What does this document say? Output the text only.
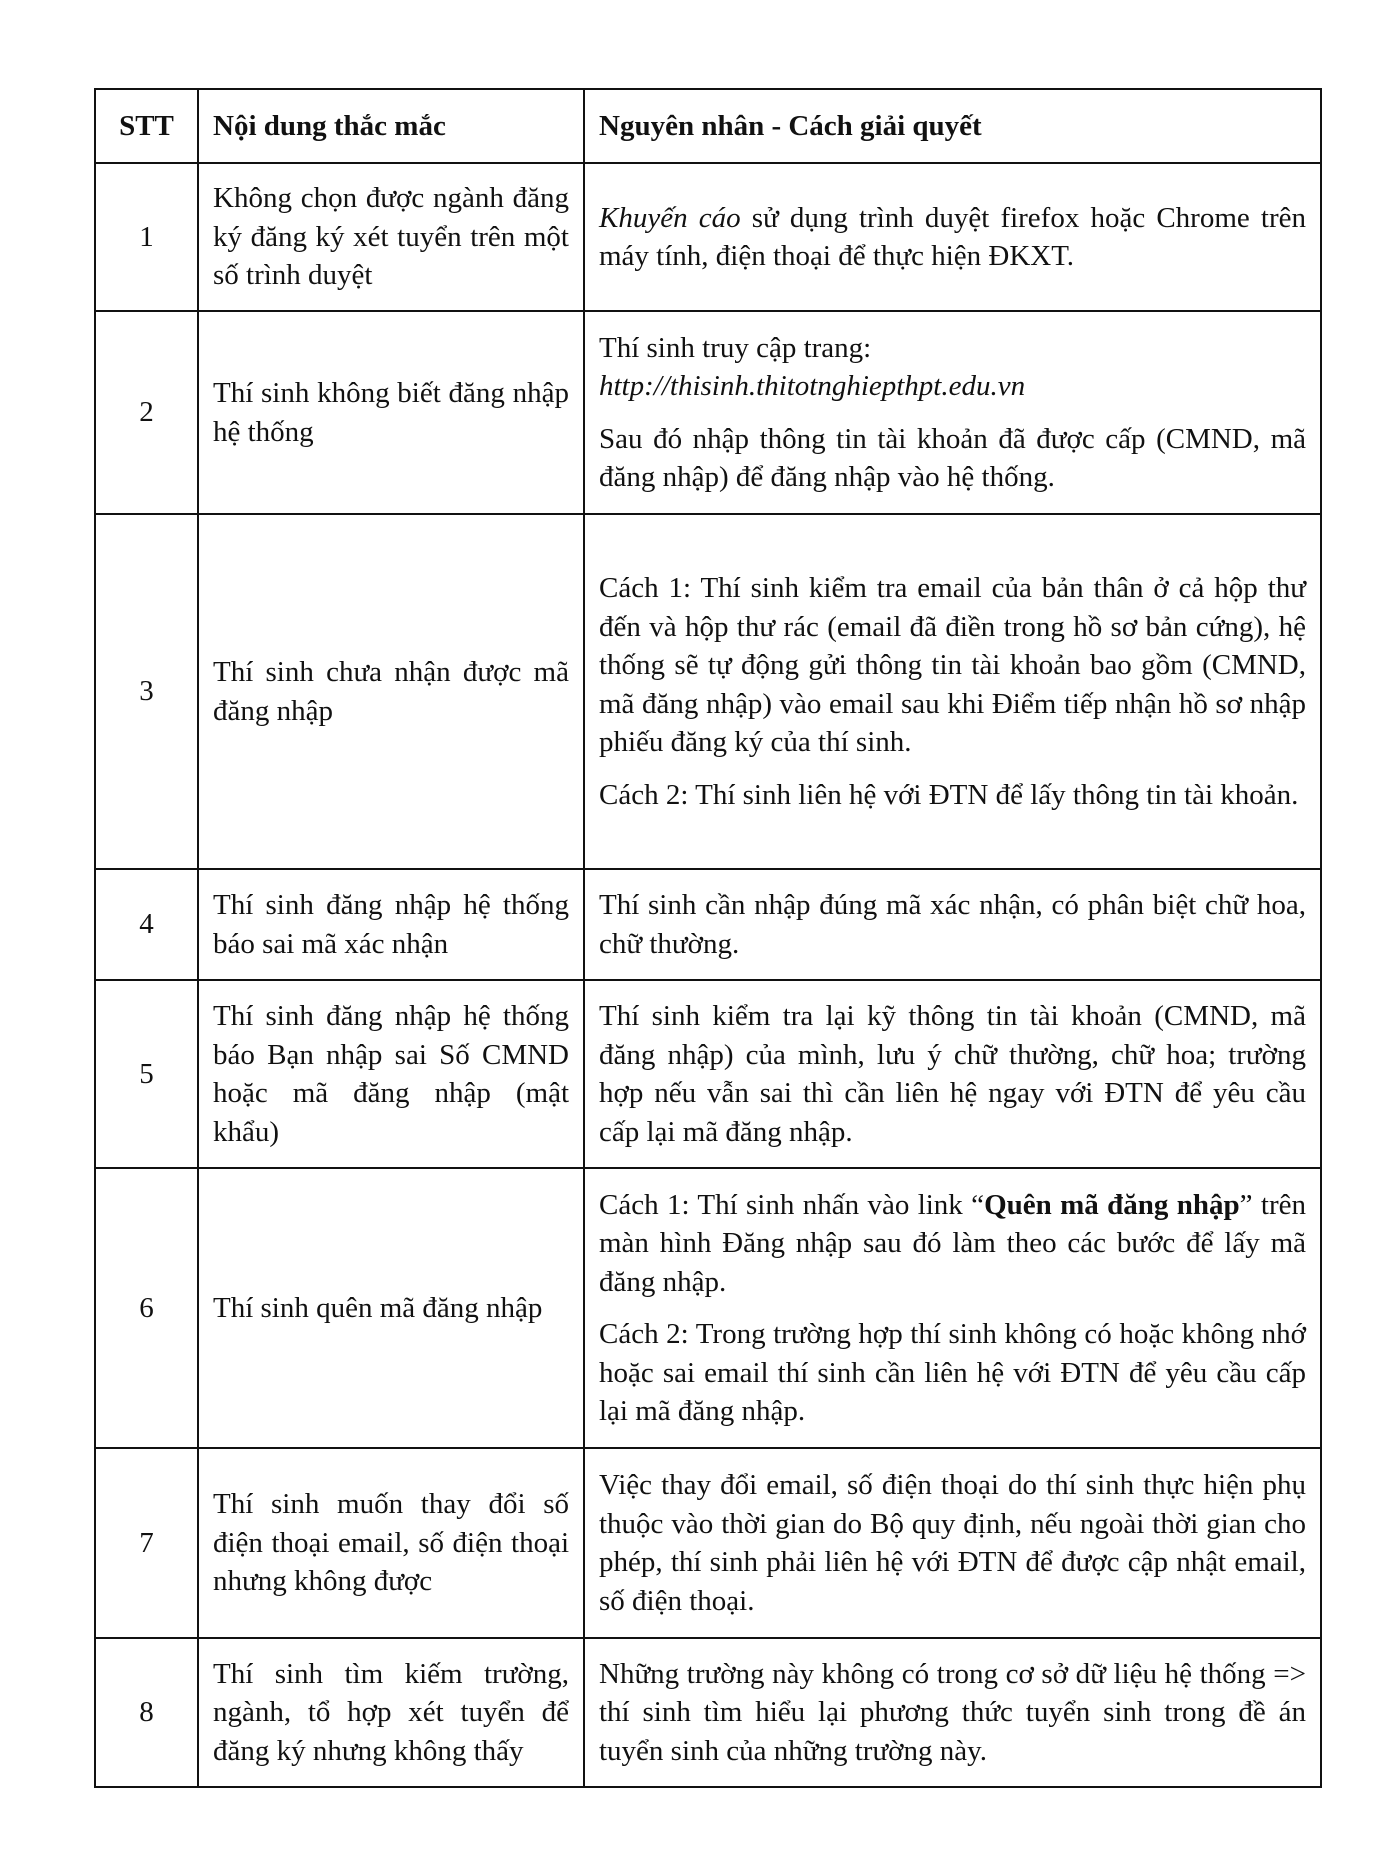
STT	Nội dung thắc mắc	Nguyên nhân - Cách giải quyết
1	Không chọn được ngành đăng ký đăng ký xét tuyển trên một số trình duyệt	Khuyến cáo sử dụng trình duyệt firefox hoặc Chrome trên máy tính, điện thoại để thực hiện ĐKXT.

2	Thí sinh không biết đăng nhập hệ thống	Thí sinh truy cập trang:
http://thisinh.thitotnghiepthpt.edu.vn

Sau đó nhập thông tin tài khoản đã được cấp (CMND, mã đăng nhập) để đăng nhập vào hệ thống.

3	Thí sinh chưa nhận được mã đăng nhập	Cách 1: Thí sinh kiểm tra email của bản thân ở cả hộp thư đến và hộp thư rác (email đã điền trong hồ sơ bản cứng), hệ thống sẽ tự động gửi thông tin tài khoản bao gồm (CMND, mã đăng nhập) vào email sau khi Điểm tiếp nhận hồ sơ nhập phiếu đăng ký của thí sinh.

Cách 2: Thí sinh liên hệ với ĐTN để lấy thông tin tài khoản.

4	Thí sinh đăng nhập hệ thống báo sai mã xác nhận	Thí sinh cần nhập đúng mã xác nhận, có phân biệt chữ hoa, chữ thường.

5	Thí sinh đăng nhập hệ thống báo Bạn nhập sai Số CMND hoặc mã đăng nhập (mật khẩu)	Thí sinh kiểm tra lại kỹ thông tin tài khoản (CMND, mã đăng nhập) của mình, lưu ý chữ thường, chữ hoa; trường hợp nếu vẫn sai thì cần liên hệ ngay với ĐTN để yêu cầu cấp lại mã đăng nhập.

6	Thí sinh quên mã đăng nhập	Cách 1: Thí sinh nhấn vào link “Quên mã đăng nhập” trên màn hình Đăng nhập sau đó làm theo các bước để lấy mã đăng nhập.

Cách 2: Trong trường hợp thí sinh không có hoặc không nhớ hoặc sai email thí sinh cần liên hệ với ĐTN để yêu cầu cấp lại mã đăng nhập.

7	Thí sinh muốn thay đổi số điện thoại email, số điện thoại nhưng không được	Việc thay đổi email, số điện thoại do thí sinh thực hiện phụ thuộc vào thời gian do Bộ quy định, nếu ngoài thời gian cho phép, thí sinh phải liên hệ với ĐTN để được cập nhật email, số điện thoại.

8	Thí sinh tìm kiếm trường, ngành, tổ hợp xét tuyển để đăng ký nhưng không thấy	Những trường này không có trong cơ sở dữ liệu hệ thống => thí sinh tìm hiểu lại phương thức tuyển sinh trong đề án tuyển sinh của những trường này.
